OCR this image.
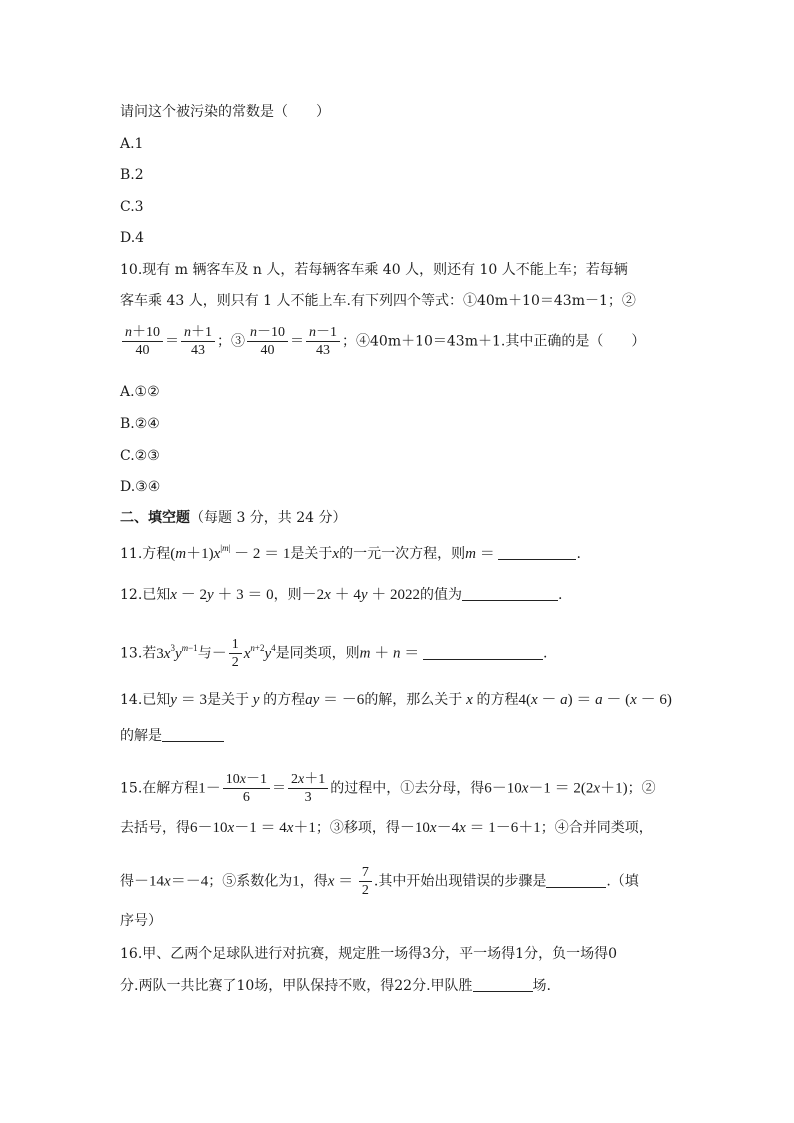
请问这个被污染的常数是（　　）
A.1
B.2
C.3
D.4
10.现有 m 辆客车及 n 人，若每辆客车乘 40 人，则还有 10 人不能上车；若每辆
客车乘 43 人，则只有 1 人不能上车.有下列四个等式：①40m＋10＝43m－1；②
$\frac{n+10}{40} = \frac{n+1}{43}$ ；③ $\frac{n-10}{40} = \frac{n-1}{43}$ ；④40m＋10＝43m＋1.其中正确的是（　　）
A.①②
B.②④
C.②③
D.③④
二、填空题（每题 3 分，共 24 分）
11.方程$(m+1)x^{|m|} - 2 = 1$是关于x的一元一次方程，则m ＝	.
12.已知x － 2y ＋ 3 ＝ 0，则－2x ＋ 4y ＋ 2022的值为	.
13.若$3x^3y^{m-1}$与－ $\frac{1}{2} x^{n+2}y^4$是同类项，则m ＋ n ＝	.
14.已知y ＝ 3是关于 y 的方程ay ＝ －6的解，那么关于 x 的方程4(x － a) ＝ a － (x － 6)
的解是
15.在解方程$1- \frac{10x-1}{6} = \frac{2x+1}{3}$ 的过程中，①去分母，得6－10x－1 ＝ 2(2x＋1)；②
去括号，得6－10x－1 ＝ 4x＋1；③移项，得－10x－4x ＝ 1－6＋1；④合并同类项，
得－14x＝－4；⑤系数化为1，得$x = \frac{7}{2}$ .其中开始出现错误的步骤是	.（填
序号）
16.甲、乙两个足球队进行对抗赛，规定胜一场得3分，平一场得1分，负一场得0
分.两队一共比赛了10场，甲队保持不败，得22分.甲队胜	场.
